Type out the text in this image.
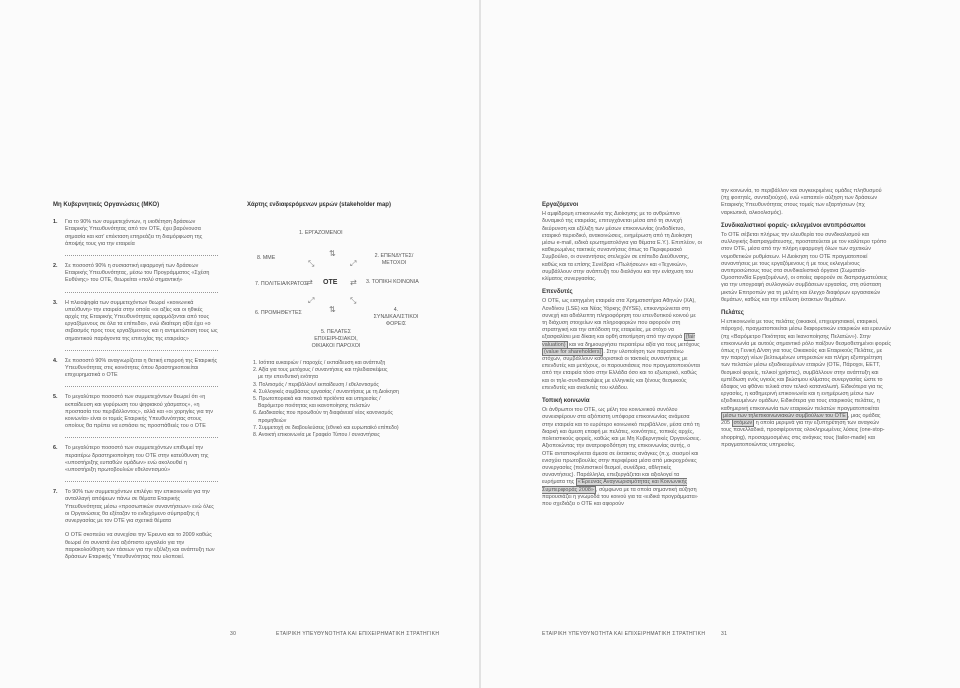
Μη Κυβερνητικές Οργανώσεις (ΜΚΟ)
1. Για το 90% των συμμετεχόντων, η υιοθέτηση δράσεων Εταιρικής Υπευθυνότητας από τον ΟΤΕ, έχει βαρύνουσα σημασία και κατ’ επέκταση επηρεάζει τη διαμόρφωση της άποψής τους για την εταιρεία
2. Σε ποσοστό 90% η συσιαστική εφαρμογή των δράσεων Εταιρικής Υπευθυνότητας, μέσω του Προγράμματος «Σχέση Ευθύνης» του ΟΤΕ, θεωρείται «πολύ σημαντική»
3. Η πλειοψηφία των συμμετεχόντων θεωρεί «κοινωνικά υπεύθυνη» την εταιρεία στην οποία «οι αξίες και οι ηθικές αρχές της Εταιρικής Υπευθυνότητας εφαρμόζονται από τους εργαζόμενους σε όλα τα επίπεδα», ενώ ιδιαίτερη αξία έχει «ο σεβασμός προς τους εργαζόμενους και η αντιμετώπιση τους ως σημαντικού παράγοντα της επιτυχίας της εταιρείας»
4. Σε ποσοστό 90% αναγνωρίζεται η θετική επιρροή της Εταιρικής Υπευθυνότητας στις κοινότητες όπου δραστηριοποιείται επιχειρηματικά ο ΟΤΕ
5. Το μεγαλύτερο ποσοστό των συμμετεχόντων θεωρεί ότι «η εκπαίδευση και γεφύρωση του ψηφιακού χάσματος», «η προστασία του περιβάλλοντος», αλλά και «οι χορηγίες για την κοινωνία» είναι οι τομείς Εταιρικής Υπευθυνότητας στους οποίους θα πρέπει να εστιάσει τις προσπάθειές του ο ΟΤΕ
6. Το μεγαλύτερο ποσοστό των συμμετεχόντων επιθυμεί την περαιτέρω δραστηριοποίηση του ΟΤΕ στην κατεύθυνση της «υποστήριξης ευπαθών ομάδων» ενώ ακολουθεί η «υποστήριξη πρωτοβουλιών εθελοντισμού»
7. Το 90% των συμμετεχόντων επιλέγει την επικοινωνία για την ανταλλαγή απόψεων πάνω σε θέματα Εταιρικής Υπευθυνότητας μέσω «προσωπικών συναντήσεων» ενώ όλες οι Οργανώσεις θα εξέταζαν το ενδεχόμενο σύμπραξης ή συνεργασίας με τον ΟΤΕ για σχετικά θέματα
Ο ΟΤΕ σκοπεύει να συνεχίσει την Έρευνα και το 2009 καθώς θεωρεί ότι συνιστά ένα αξιόπιστο εργαλείο για την παρακολούθηση των τάσεων για την εξέλιξη και ανάπτυξη των δράσεων Εταιρικής Υπευθυνότητας που υλοποιεί.
Χάρτης ενδιαφερόμενων μερών (stakeholder map)
1. ΕΡΓΑΖΟΜΕΝΟΙ
2. ΕΠΕΝΔΥΤΕΣ/ ΜΕΤΟΧΟΙ
3. ΤΟΠΙΚΗ ΚΟΙΝΩΝΙΑ
4. ΣΥΝΔΙΚΑΛΙΣΤΙΚΟΙ ΦΟΡΕΙΣ
5. ΠΕΛΑΤΕΣ ΕΠΙΧΕΙΡΗΣΙΑΚΟΙ, ΟΙΚΙΑΚΟΙ ΠΑΡΟΧΟΙ
6. ΠΡΟΜΗΘΕΥΤΕΣ
7. ΠΟΛΙΤΕΙΑ/ΚΡΑΤΟΣ
8. ΜΜΕ
ΟΤΕ
⇅
⤢
⇄
⤡
⇅
⤢
⇄
⤡
1. Ισότιτα ευκαιριών / παροχές / εκπαίδευση και ανάπτυξη
2. Αξία για τους μετόχους / συναντήσεις και τηλεδιασκέψεις
με την επενδυτική ενότητα
3. Πολιτισμός / περιβάλλον/ εκπαίδευση / εθελοντισμός
4. Συλλογικές συμβάσεις εργασίας / συναντήσεις με τη Διοίκηση
5. Πρωτοποριακά και ποιοτικά προϊόντα και υπηρεσίες /
Βαρόμετρο ποιότητας και ικανοποίησης πελατών
6. Διαδικασίες που προωθούν τη διαφάνεια/ νέος κανονισμός
προμηθειών
7. Συμμετοχή σε διαβουλεύσεις (εθνικό και ευρωπαϊκό επίπεδο)
8. Ανοικτή επικοινωνία με Γραφείο Τύπου / συναντήσεις
Εργαζόμενοι

Η αμφίδρομη επικοινωνία της Διοίκησης με το ανθρώπινο δυναμικό της εταιρείας, επιτυγχάνεται μέσα από τη συνεχή διεύρυνση και εξέλιξη των μέσων επικοινωνίας (ενδοδίκτυο, εταιρικό περιοδικό, ανακοινώσεις, ενημέρωση από τη Διοίκηση μέσω e-mail, ειδικά ερωτηματολόγια για θέματα Ε.Υ.). Επιπλέον, οι καθιερωμένες τακτικές συναντήσεις όπως το Περιφερειακό Συμβούλιο, οι συναντήσεις στελεχών σε επίπεδο Διεύθυνσης, καθώς και τα επίσης Συνέδρια «Πωλήσεων» και «Τεχνικών», συμβάλλουν στην ανάπτυξη του διαλόγου και την ενίσχυση του κλίματος συνεργασίας.

Επενδυτές

Ο ΟΤΕ, ως εισηγμένη εταιρεία στα Χρηματιστήρια Αθηνών (ΧΑ), Λονδίνου (LSE) και Νέας Υόρκης (NYSE), επικεντρώνεται στη συνεχή και αδιάλειπτη πληροφόρηση του επενδυτικού κοινού με τη διάχυση στοιχείων και πληροφοριών που αφορούν στη στρατηγική και την απόδοση της εταιρείας, με στόχο να εξασφαλίσει μια δίκαιη και ορθή αποτίμηση από την αγορά (fair valuation) και να δημιουργήσει περαιτέρω αξία για τους μετόχους (value for shareholders) . Στην υλοποίηση των παραπάνω στόχων, συμβάλλουν καθοριστικά οι τακτικές συναντήσεις με επενδυτές και μετόχους, οι παρουσιάσεις που πραγματοποιούνται από την εταιρεία τόσο στην Ελλάδα όσο και το εξωτερικό, καθώς και οι τηλε-συνδιασκέψεις με ελληνικές και ξένους θεσμικούς επενδυτές και αναλυτές του κλάδου.

Τοπική κοινωνία

Οι άνθρωποι του ΟΤΕ, ως μέλη του κοινωνικού συνόλου συνεισφέρουν στα αξιόπιστη υπόφορα επικοινωνίας ανάμεσα στην εταιρεία και το ευρύτερο κοινωνικό περιβάλλον, μέσα από τη διαρκή και άμεση επαφή με πελάτες, κοινότητες, τοπικές αρχές, πολιτιστικούς φορείς, καθώς και με Μη Κυβερνητικές Οργανώσεις. Αξιοποιώντας την ανατροφοδότηση της επικοινωνίας αυτής, ο ΟΤΕ ανταποκρίνεται άμεσα σε έκτακτες ανάγκες (π.χ. σεισμοί και ενισχύει πρωτοβουλίες στην περιφέρεια μέσα από μακροχρόνιες συνεργασίες (πολιτιστικοί θεσμοί, συνέδρια, αθλητικές συναντήσεις). Παράλληλα, επεξεργάζεται και αξιολογεί τα ευρήματα της «Έρευνας Αναγνωρισιμότητας και Κοινωνικής Συμπεριφοράς 2008» , σύμφωνα με τα οποία σημαντική αύξηση παρουσιάζει η γνωμοδά του κοινού για τα «ειδικά προγράμματα» που σχεδιάζει ο ΟΤΕ και αφορούν

την κοινωνία, το περιβάλλον και συγκεκριμένες ομάδες πληθυσμού (πχ φοιτητές, συνταξιούχοι), ενώ «απαιτεί» αύξηση των δράσεων Εταιρικής Υπευθυνότητας στους τομείς των εξαρτήσεων (πχ ναρκωτικά, αλκοολισμός).

Συνδικαλιστικοί φορείς- εκλεγμένοι αντιπρόσωποι

Το ΟΤΕ σέβεται πλήρως την ελευθερία του συνδικαλισμού και συλλογικής διαπραγμάτευσης, προστατεύεται με τον καλύτερο τρόπο στον ΟΤΕ, μέσα από την πλήρη εφαρμογή όλων των σχετικών νομοθετικών ρυθμίσεων. Η Διοίκηση του ΟΤΕ πραγματοποιεί συναντήσεις με τους εργαζόμενους ή με τους εκλεγμένους αντιπροσώπους τους στα συνδικαλιστικά όργανα (Σωματεία-Ομοσπονδία Εργαζομένων), οι οποίες αφορούν σε διαπραγματεύσεις για την υπογραφή συλλογικών συμβάσεων εργασίας, στη σύσταση μικτών Επιτροπών για τη μελέτη και έλεγχο διαφόρων εργασιακών θεμάτων, καθώς και την επίλυση έκτακτων θεμάτων.

Πελάτες

Η επικοινωνία με τους πελάτες (οικιακοί, επιχειρησιακοί, εταιρικοί, πάροχοι), πραγματοποιείται μέσω διαφορετικών εταιρικών και ερευνών (πχ «Βαρόμετρο Ποιότητας και Ικανοποίησης Πελατών»). Στην επικοινωνία με αυτούς σημαντικό ρόλο παίζουν θεσμοθετημένοι φορείς όπως η Γενική Δ/νση για τους Οικιακούς και Εταιρικούς Πελάτες, με την παροχή νέων βελτιωμένων υπηρεσιών και πλήρη εξυπηρέτηση των πελατών μέσω εξειδικευμένων εταιρών (ΟΤΕ, Πάροχοι, ΕΕΤΤ, θεσμικοί φορείς, τελικοί χρήστες), συμβάλλουν στην ανάπτυξη και εμπέδωση ενός υγιούς και βιώσιμου κλίματος συνεργασίας ώστε το έδαφος να φθάνει τελικά στον τελικό καταναλωτή. Ειδικότερα για τις εργασίες, η καθημερινή επικοινωνία και η ενημέρωση μέσω των εξειδικευμένων ομάδων, Ειδικότερα για τους εταιρικούς πελάτες, η καθημερινή επικοινωνία των εταιρικών πελατών πραγματοποιείται μέσω των τηλεπικοινωνιακών συμβούλων του ΟΤΕ , μιας ομάδας 205 στόμων η οποία μεριμνά για την εξυπηρέτηση των αναγκών τους πανελλαδικά, προσφέροντας ολοκληρωμένες λύσεις (one-stop-shopping), προσαρμοσμένες στις ανάγκες τους (tailor-made) και πραγματοποιώντας υπηρεσίες.

30	ΕΤΑΙΡΙΚΗ ΥΠΕΥΘΥΝΟΤΗΤΑ ΚΑΙ ΕΠΙΧΕΙΡΗΜΑΤΙΚΗ ΣΤΡΑΤΗΓΙΚΗ	ΕΤΑΙΡΙΚΗ ΥΠΕΥΘΥΝΟΤΗΤΑ ΚΑΙ ΕΠΙΧΕΙΡΗΜΑΤΙΚΗ ΣΤΡΑΤΗΓΙΚΗ	31
